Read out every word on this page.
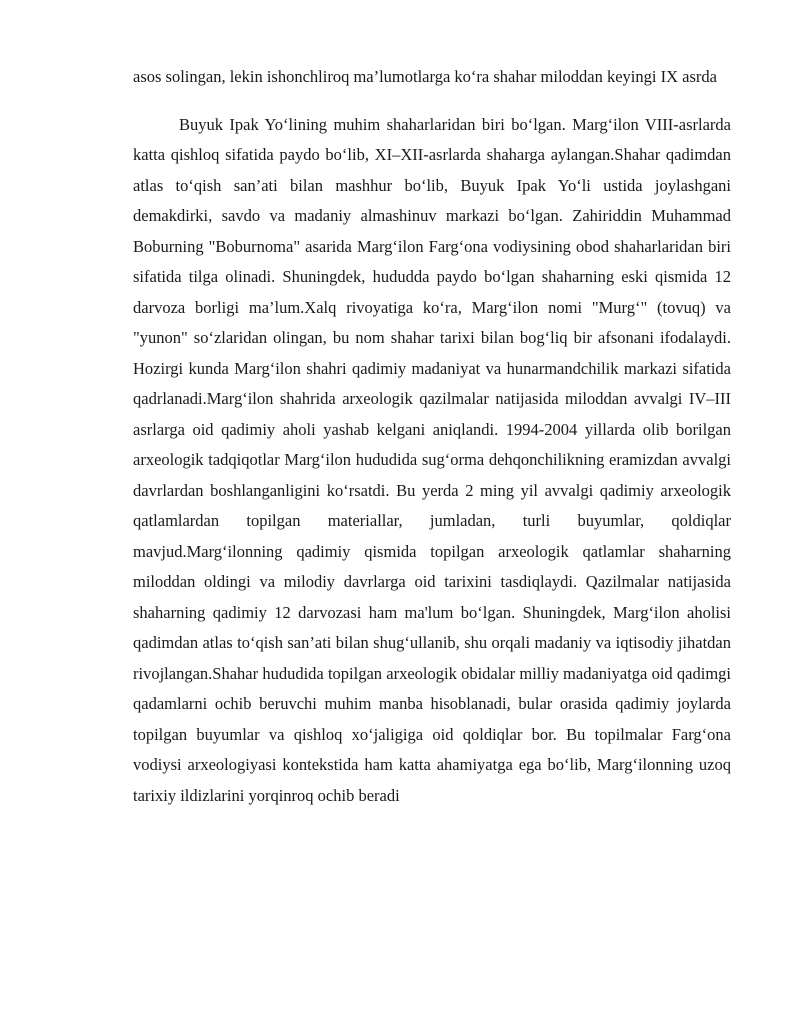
asos solingan, lekin ishonchliroq ma’lumotlarga ko‘ra shahar miloddan keyingi IX asrda

Buyuk Ipak Yo‘lining muhim shaharlaridan biri bo‘lgan. Marg‘ilon VIII-asrlarda katta qishloq sifatida paydo bo‘lib, XI–XII-asrlarda shaharga aylangan.Shahar qadimdan atlas to‘qish san’ati bilan mashhur bo‘lib, Buyuk Ipak Yo‘li ustida joylashgani demakdirki, savdo va madaniy almashinuv markazi bo‘lgan. Zahiriddin Muhammad Boburning "Boburnoma" asarida Marg‘ilon Farg‘ona vodiysining obod shaharlaridan biri sifatida tilga olinadi. Shuningdek, hududda paydo bo‘lgan shaharning eski qismida 12 darvoza borligi ma’lum.Xalq rivoyatiga ko‘ra, Marg‘ilon nomi "Murg‘" (tovuq) va "yunon" so‘zlaridan olingan, bu nom shahar tarixi bilan bog‘liq bir afsonani ifodalaydi. Hozirgi kunda Marg‘ilon shahri qadimiy madaniyat va hunarmandchilik markazi sifatida qadrlanadi.Marg‘ilon shahrida arxeologik qazilmalar natijasida miloddan avvalgi IV–III asrlarga oid qadimiy aholi yashab kelgani aniqlandi. 1994-2004 yillarda olib borilgan arxeologik tadqiqotlar Marg‘ilon hududida sug‘orma dehqonchilikning eramizdan avvalgi davrlardan boshlanganligini ko‘rsatdi. Bu yerda 2 ming yil avvalgi qadimiy arxeologik qatlamlardan topilgan materiallar, jumladan, turli buyumlar, qoldiqlar mavjud.Marg‘ilonning qadimiy qismida topilgan arxeologik qatlamlar shaharning miloddan oldingi va milodiy davrlarga oid tarixini tasdiqlaydi. Qazilmalar natijasida shaharning qadimiy 12 darvozasi ham ma'lum bo‘lgan. Shuningdek, Marg‘ilon aholisi qadimdan atlas to‘qish san’ati bilan shug‘ullanib, shu orqali madaniy va iqtisodiy jihatdan rivojlangan.Shahar hududida topilgan arxeologik obidalar milliy madaniyatga oid qadimgi qadamlarni ochib beruvchi muhim manba hisoblanadi, bular orasida qadimiy joylarda topilgan buyumlar va qishloq xo‘jaligiga oid qoldiqlar bor. Bu topilmalar Farg‘ona vodiysi arxeologiyasi kontekstida ham katta ahamiyatga ega bo‘lib, Marg‘ilonning uzoq tarixiy ildizlarini yorqinroq ochib beradi
